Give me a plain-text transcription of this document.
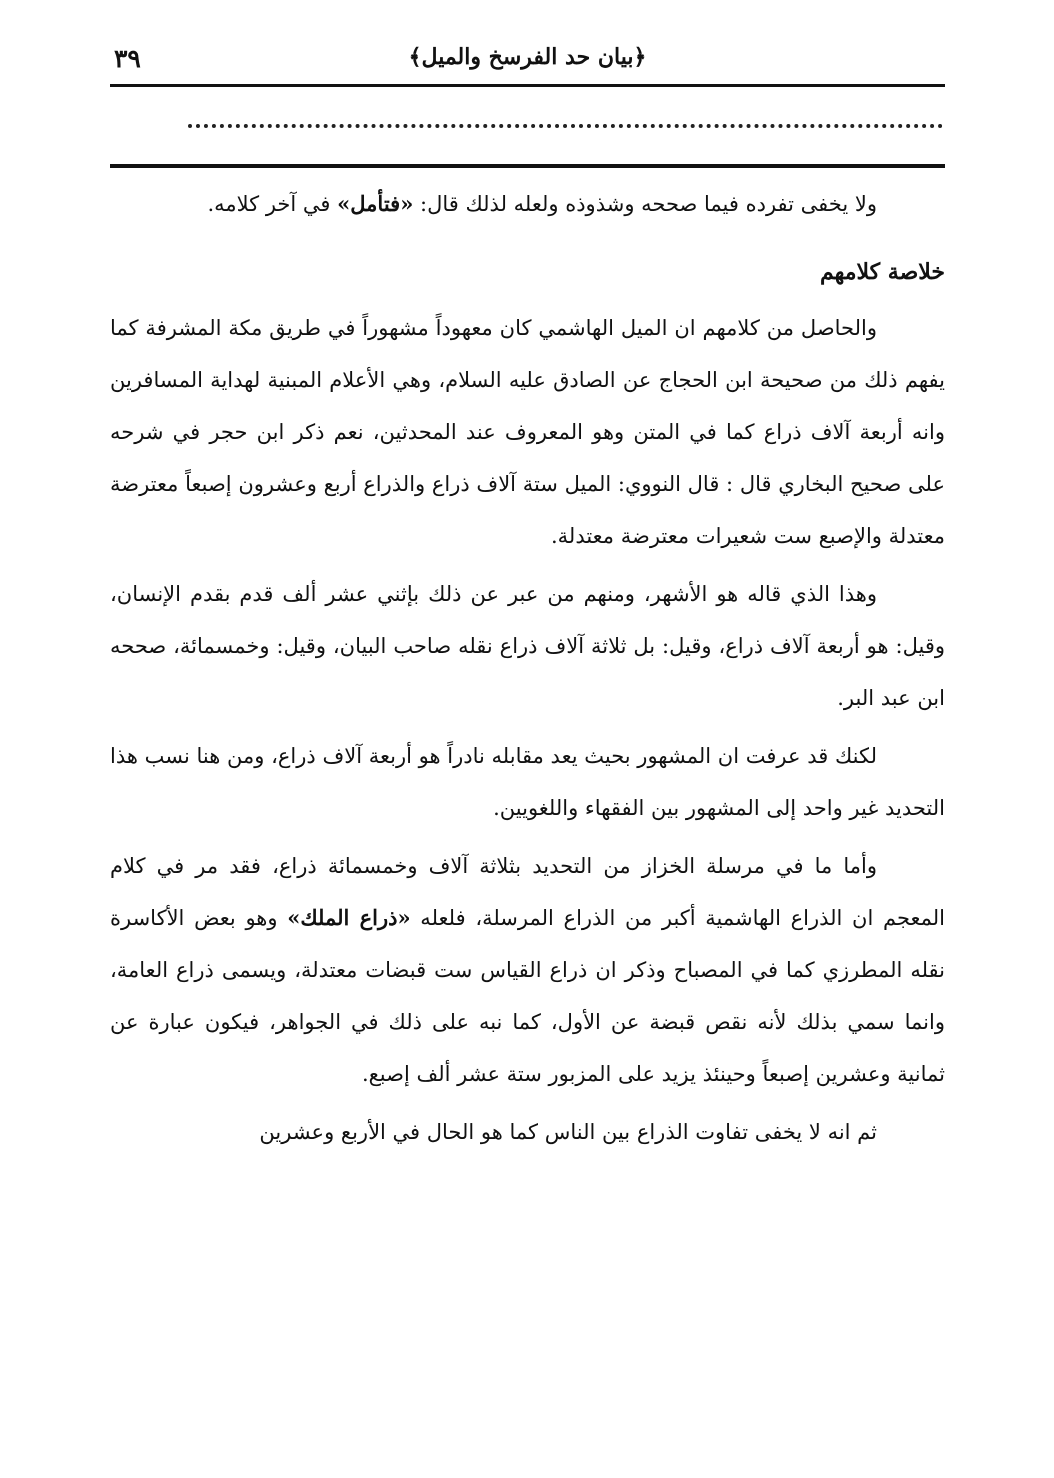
٣٩	﴿بيان حد الفرسخ والميل﴾

ولا يخفى تفرده فيما صححه وشذوذه ولعله لذلك قال: «فتأمل» في آخر كلامه.

خلاصة كلامهم

والحاصل من كلامهم ان الميل الهاشمي كان معهوداً مشهوراً في طريق مكة المشرفة كما يفهم ذلك من صحيحة ابن الحجاج عن الصادق عليه السلام، وهي الأعلام المبنية لهداية المسافرين وانه أربعة آلاف ذراع كما في المتن وهو المعروف عند المحدثين، نعم ذكر ابن حجر في شرحه على صحيح البخاري قال : قال النووي: الميل ستة آلاف ذراع والذراع أربع وعشرون إصبعاً معترضة معتدلة والإصبع ست شعيرات معترضة معتدلة.

وهذا الذي قاله هو الأشهر، ومنهم من عبر عن ذلك بإثني عشر ألف قدم بقدم الإنسان، وقيل: هو أربعة آلاف ذراع، وقيل: بل ثلاثة آلاف ذراع نقله صاحب البيان، وقيل: وخمسمائة، صححه ابن عبد البر.

لكنك قد عرفت ان المشهور بحيث يعد مقابله نادراً هو أربعة آلاف ذراع، ومن هنا نسب هذا التحديد غير واحد إلى المشهور بين الفقهاء واللغويين.

وأما ما في مرسلة الخزاز من التحديد بثلاثة آلاف وخمسمائة ذراع، فقد مر في كلام المعجم ان الذراع الهاشمية أكبر من الذراع المرسلة، فلعله «ذراع الملك» وهو بعض الأكاسرة نقله المطرزي كما في المصباح وذكر ان ذراع القياس ست قبضات معتدلة، ويسمى ذراع العامة، وانما سمي بذلك لأنه نقص قبضة عن الأول، كما نبه على ذلك في الجواهر، فيكون عبارة عن ثمانية وعشرين إصبعاً وحينئذ يزيد على المزبور ستة عشر ألف إصبع.

ثم انه لا يخفى تفاوت الذراع بين الناس كما هو الحال في الأربع وعشرين
